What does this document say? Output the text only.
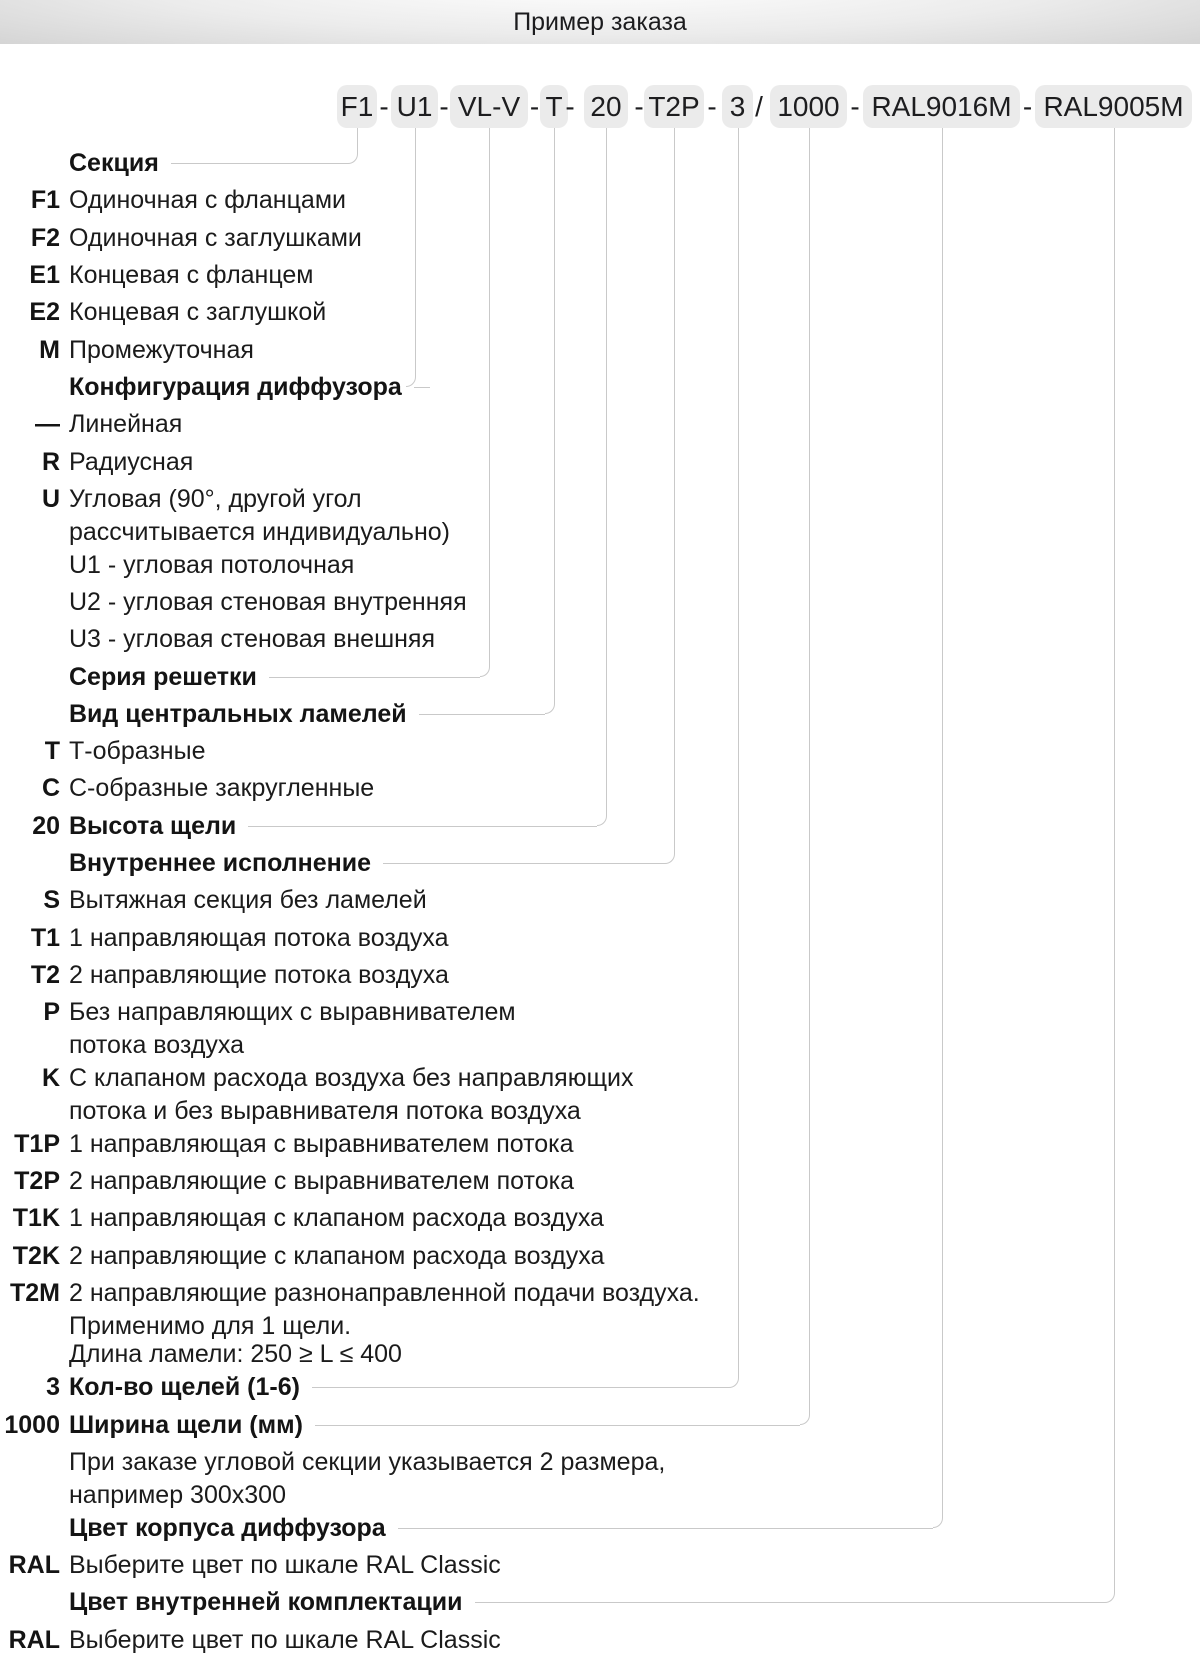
Пример заказа
F1 - U1 - VL-V - T - 20 - T2P - 3 / 1000 - RAL9016M - RAL9005M
Секция
F1 Одиночная с фланцами
F2 Одиночная с заглушками
E1 Концевая с фланцем
E2 Концевая с заглушкой
M Промежуточная
Конфигурация диффузора
— Линейная
R Радиусная
U Угловая (90°, другой угол
рассчитывается индивидуально)
U1 - угловая потолочная
U2 - угловая стеновая внутренняя
U3 - угловая стеновая внешняя
Серия решетки
Вид центральных ламелей
T Т-образные
C С-образные закругленные
20 Высота щели
Внутреннее исполнение
S Вытяжная секция без ламелей
T1 1 направляющая потока воздуха
T2 2 направляющие потока воздуха
P Без направляющих с выравнивателем
потока воздуха
K С клапаном расхода воздуха без направляющих
потока и без выравнивателя потока воздуха
T1P 1 направляющая с выравнивателем потока
T2P 2 направляющие с выравнивателем потока
T1K 1 направляющая с клапаном расхода воздуха
T2K 2 направляющие с клапаном расхода воздуха
T2M 2 направляющие разнонаправленной подачи воздуха.
Применимо для 1 щели.
Длина ламели: 250 ≥ L ≤ 400
3 Кол-во щелей (1-6)
1000 Ширина щели (мм)
При заказе угловой секции указывается 2 размера,
например 300x300
Цвет корпуса диффузора
RAL Выберите цвет по шкале RAL Classic
Цвет внутренней комплектации
RAL Выберите цвет по шкале RAL Classic
